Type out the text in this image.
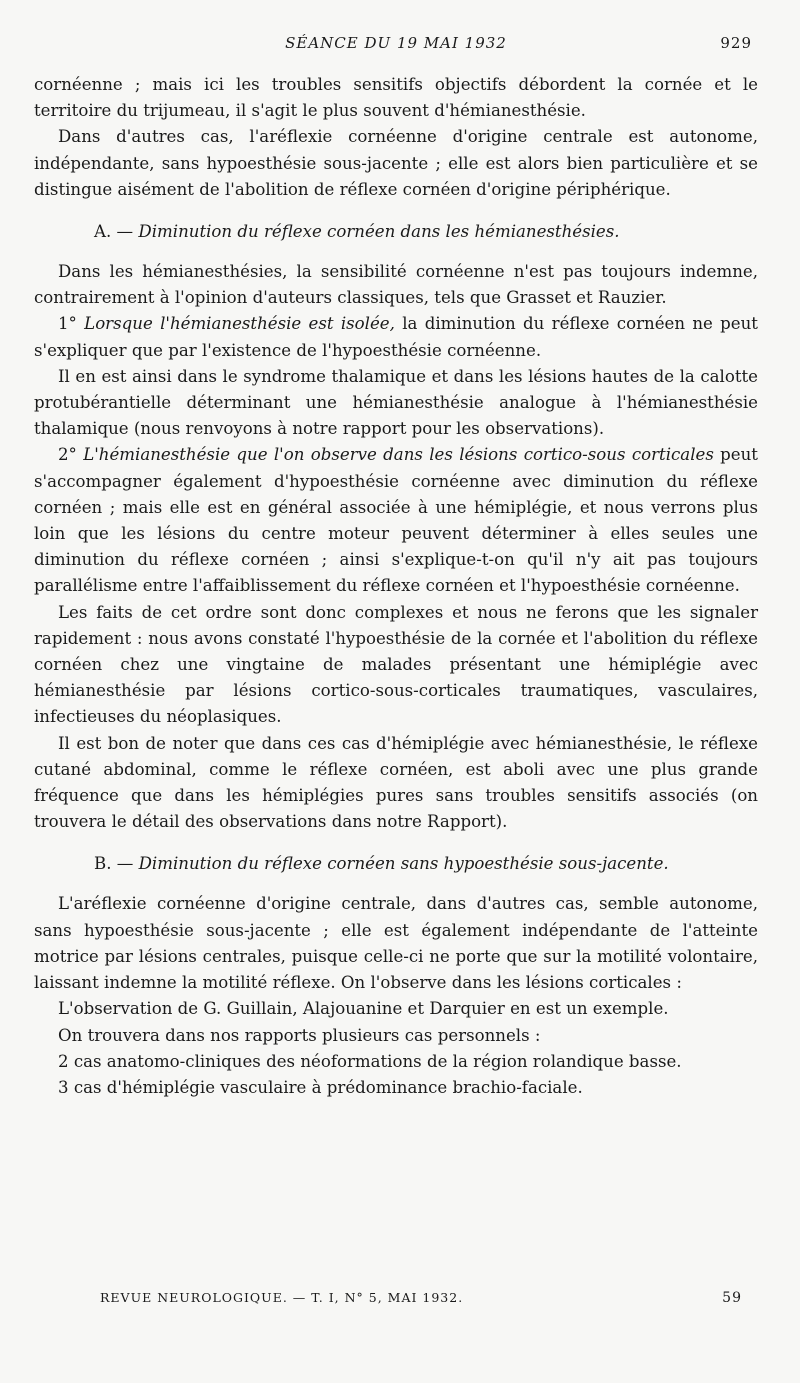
SÉANCE DU 19 MAI 1932	929

cornéenne ; mais ici les troubles sensitifs objectifs débordent la cornée et le territoire du trijumeau, il s'agit le plus souvent d'hémianesthésie.

Dans d'autres cas, l'aréflexie cornéenne d'origine centrale est autonome, indépendante, sans hypoesthésie sous-jacente ; elle est alors bien particulière et se distingue aisément de l'abolition de réflexe cornéen d'origine périphérique.

A. — Diminution du réflexe cornéen dans les hémianesthésies.

Dans les hémianesthésies, la sensibilité cornéenne n'est pas toujours indemne, contrairement à l'opinion d'auteurs classiques, tels que Grasset et Rauzier.

1° Lorsque l'hémianesthésie est isolée, la diminution du réflexe cornéen ne peut s'expliquer que par l'existence de l'hypoesthésie cornéenne.

Il en est ainsi dans le syndrome thalamique et dans les lésions hautes de la calotte protubérantielle déterminant une hémianesthésie analogue à l'hémianesthésie thalamique (nous renvoyons à notre rapport pour les observations).

2° L'hémianesthésie que l'on observe dans les lésions cortico-sous corticales peut s'accompagner également d'hypoesthésie cornéenne avec diminution du réflexe cornéen ; mais elle est en général associée à une hémiplégie, et nous verrons plus loin que les lésions du centre moteur peuvent déterminer à elles seules une diminution du réflexe cornéen ; ainsi s'explique-t-on qu'il n'y ait pas toujours parallélisme entre l'affaiblissement du réflexe cornéen et l'hypoesthésie cornéenne.

Les faits de cet ordre sont donc complexes et nous ne ferons que les signaler rapidement : nous avons constaté l'hypoesthésie de la cornée et l'abolition du réflexe cornéen chez une vingtaine de malades présentant une hémiplégie avec hémianesthésie par lésions cortico-sous-corticales traumatiques, vasculaires, infectieuses du néoplasiques.

Il est bon de noter que dans ces cas d'hémiplégie avec hémianesthésie, le réflexe cutané abdominal, comme le réflexe cornéen, est aboli avec une plus grande fréquence que dans les hémiplégies pures sans troubles sensitifs associés (on trouvera le détail des observations dans notre Rapport).

B. — Diminution du réflexe cornéen sans hypoesthésie sous-jacente.

L'aréflexie cornéenne d'origine centrale, dans d'autres cas, semble autonome, sans hypoesthésie sous-jacente ; elle est également indépendante de l'atteinte motrice par lésions centrales, puisque celle-ci ne porte que sur la motilité volontaire, laissant indemne la motilité réflexe. On l'observe dans les lésions corticales :

L'observation de G. Guillain, Alajouanine et Darquier en est un exemple.

On trouvera dans nos rapports plusieurs cas personnels :

2 cas anatomo-cliniques des néoformations de la région rolandique basse.

3 cas d'hémiplégie vasculaire à prédominance brachio-faciale.

REVUE NEUROLOGIQUE. — T. I, N° 5, MAI 1932.	59
